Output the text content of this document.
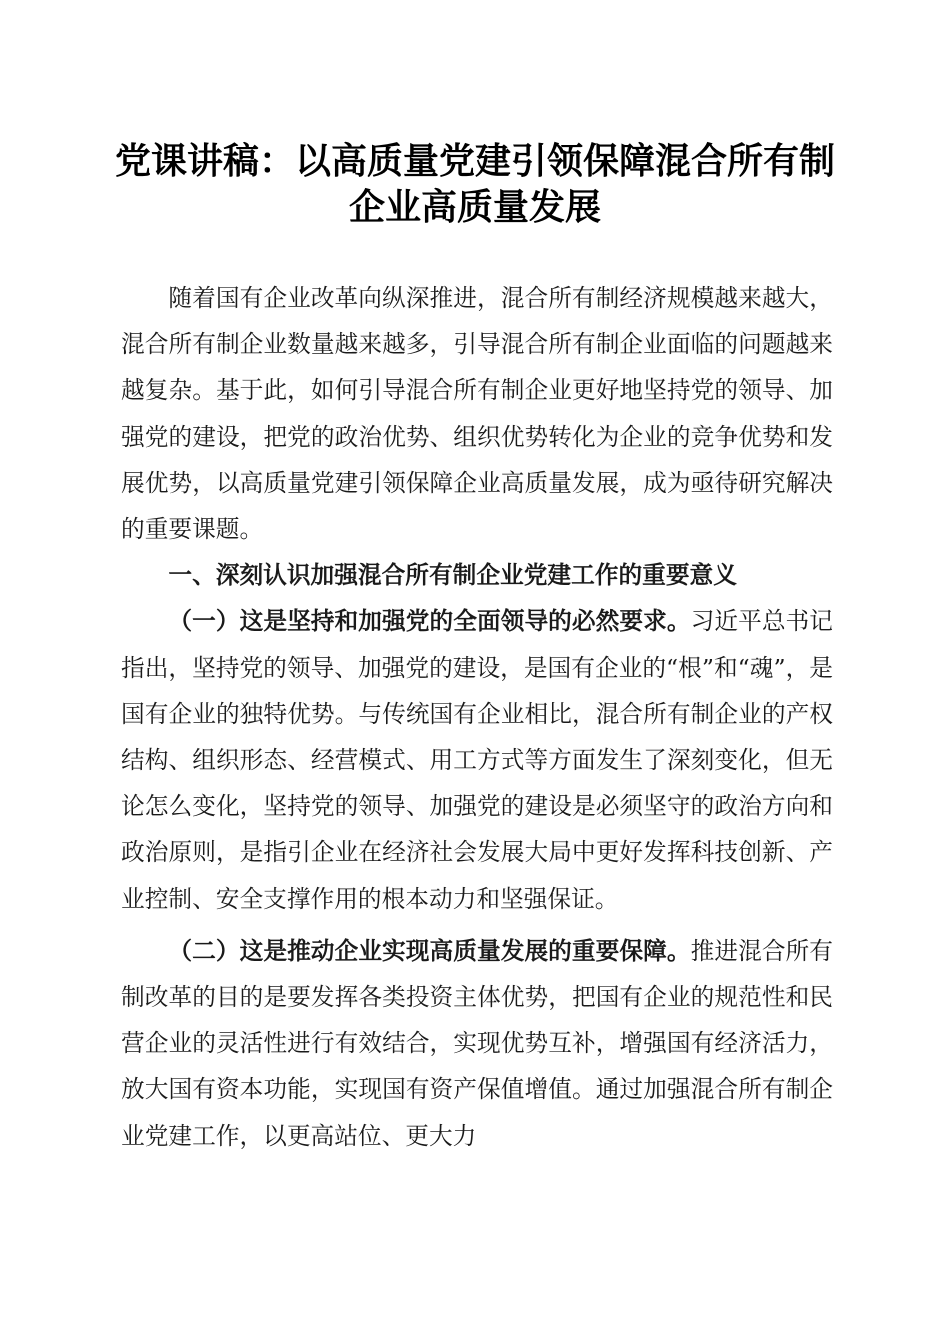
党课讲稿：以高质量党建引领保障混合所有制
企业高质量发展

随着国有企业改革向纵深推进，混合所有制经济规模越来越大，混合所有制企业数量越来越多，引导混合所有制企业面临的问题越来越复杂。基于此，如何引导混合所有制企业更好地坚持党的领导、加强党的建设，把党的政治优势、组织优势转化为企业的竞争优势和发展优势，以高质量党建引领保障企业高质量发展，成为亟待研究解决的重要课题。

一、深刻认识加强混合所有制企业党建工作的重要意义

（一）这是坚持和加强党的全面领导的必然要求。习近平总书记指出，坚持党的领导、加强党的建设，是国有企业的“根”和“魂”，是国有企业的独特优势。与传统国有企业相比，混合所有制企业的产权结构、组织形态、经营模式、用工方式等方面发生了深刻变化，但无论怎么变化，坚持党的领导、加强党的建设是必须坚守的政治方向和政治原则，是指引企业在经济社会发展大局中更好发挥科技创新、产业控制、安全支撑作用的根本动力和坚强保证。

（二）这是推动企业实现高质量发展的重要保障。推进混合所有制改革的目的是要发挥各类投资主体优势，把国有企业的规范性和民营企业的灵活性进行有效结合，实现优势互补，增强国有经济活力，放大国有资本功能，实现国有资产保值增值。通过加强混合所有制企业党建工作，以更高站位、更大力
